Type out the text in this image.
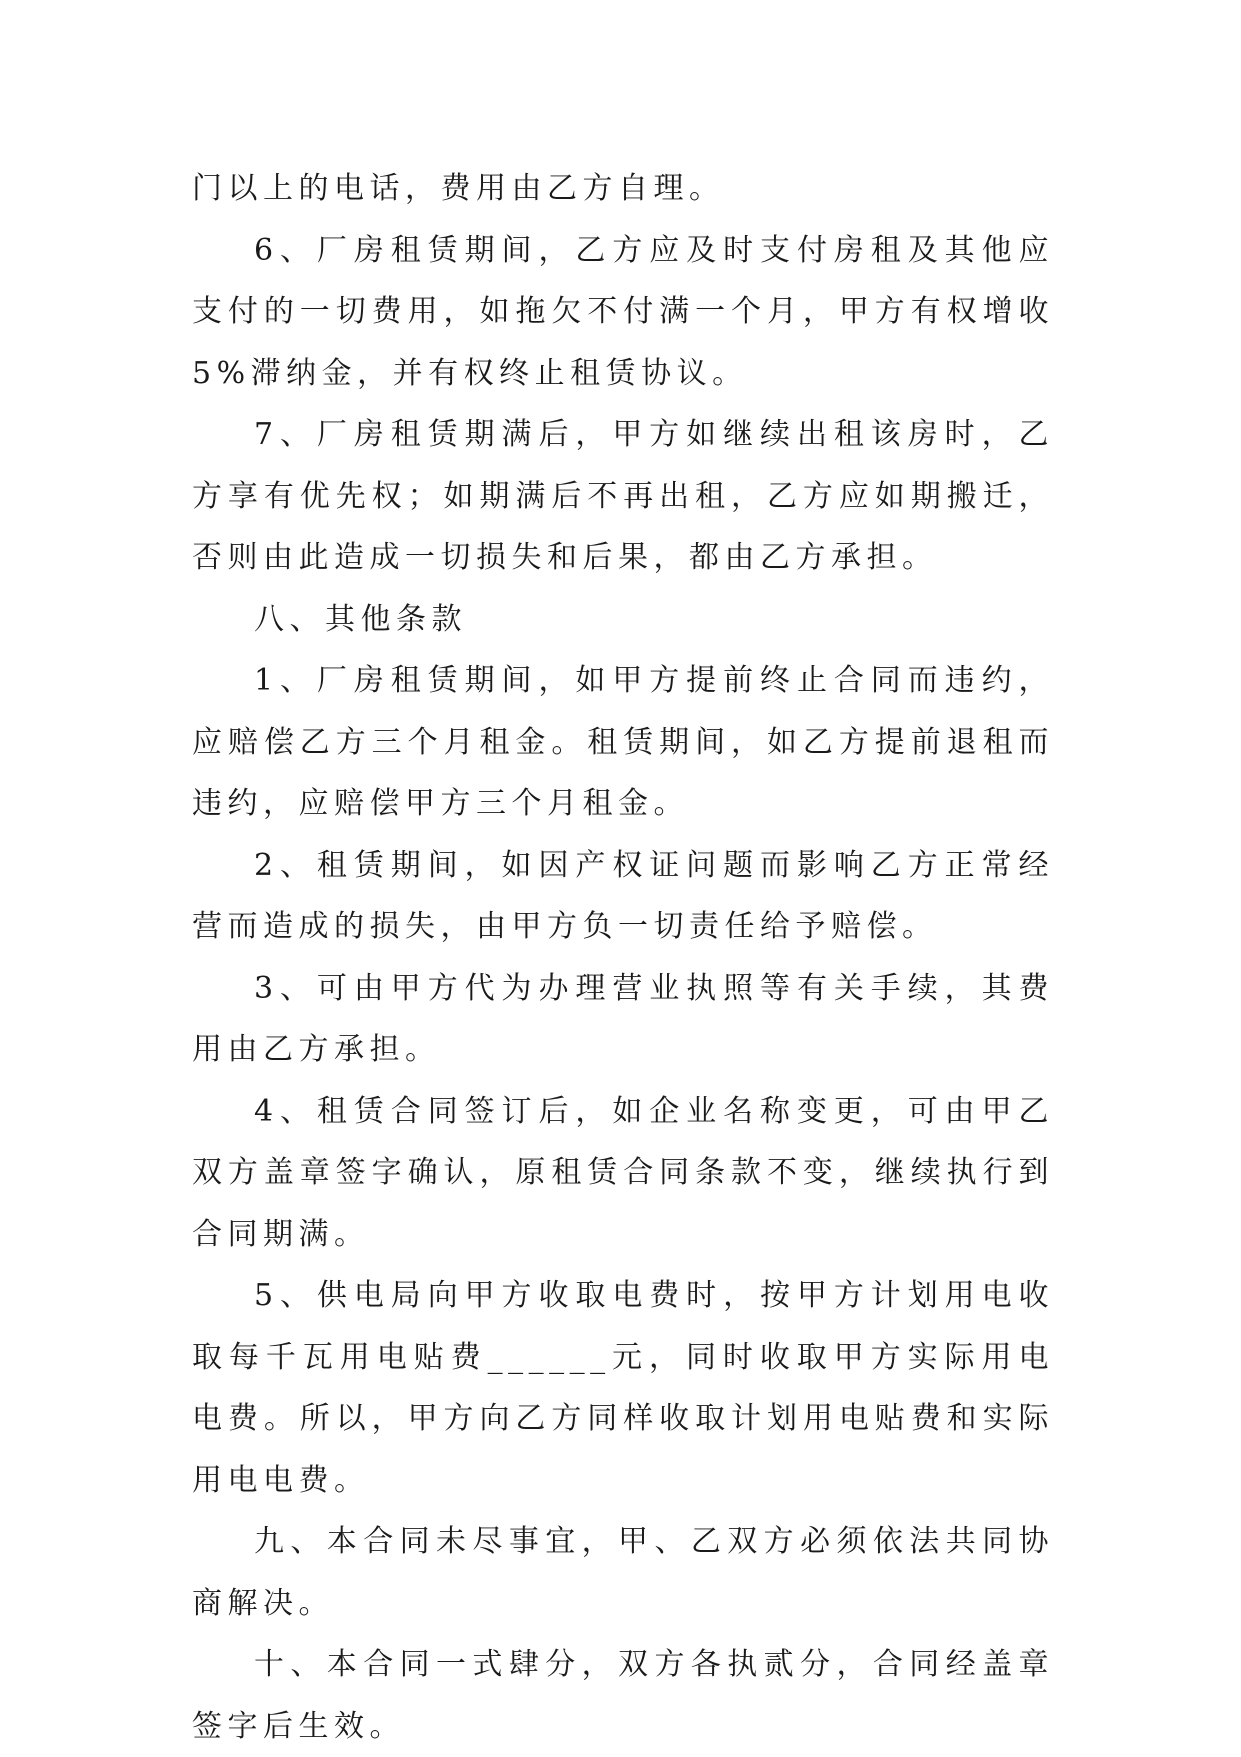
门以上的电话，费用由乙方自理。

6、厂房租赁期间，乙方应及时支付房租及其他应支付的一切费用，如拖欠不付满一个月，甲方有权增收 5%滞纳金，并有权终止租赁协议。

7、厂房租赁期满后，甲方如继续出租该房时，乙方享有优先权；如期满后不再出租，乙方应如期搬迁，否则由此造成一切损失和后果，都由乙方承担。

八、其他条款

1、厂房租赁期间，如甲方提前终止合同而违约，应赔偿乙方三个月租金。租赁期间，如乙方提前退租而违约，应赔偿甲方三个月租金。

2、租赁期间，如因产权证问题而影响乙方正常经营而造成的损失，由甲方负一切责任给予赔偿。

3、可由甲方代为办理营业执照等有关手续，其费用由乙方承担。

4、租赁合同签订后，如企业名称变更，可由甲乙双方盖章签字确认，原租赁合同条款不变，继续执行到合同期满。

5、供电局向甲方收取电费时，按甲方计划用电收取每千瓦用电贴费______元，同时收取甲方实际用电电费。所以，甲方向乙方同样收取计划用电贴费和实际用电电费。

九、本合同未尽事宜，甲、乙双方必须依法共同协商解决。

十、本合同一式肆分，双方各执贰分，合同经盖章签字后生效。
